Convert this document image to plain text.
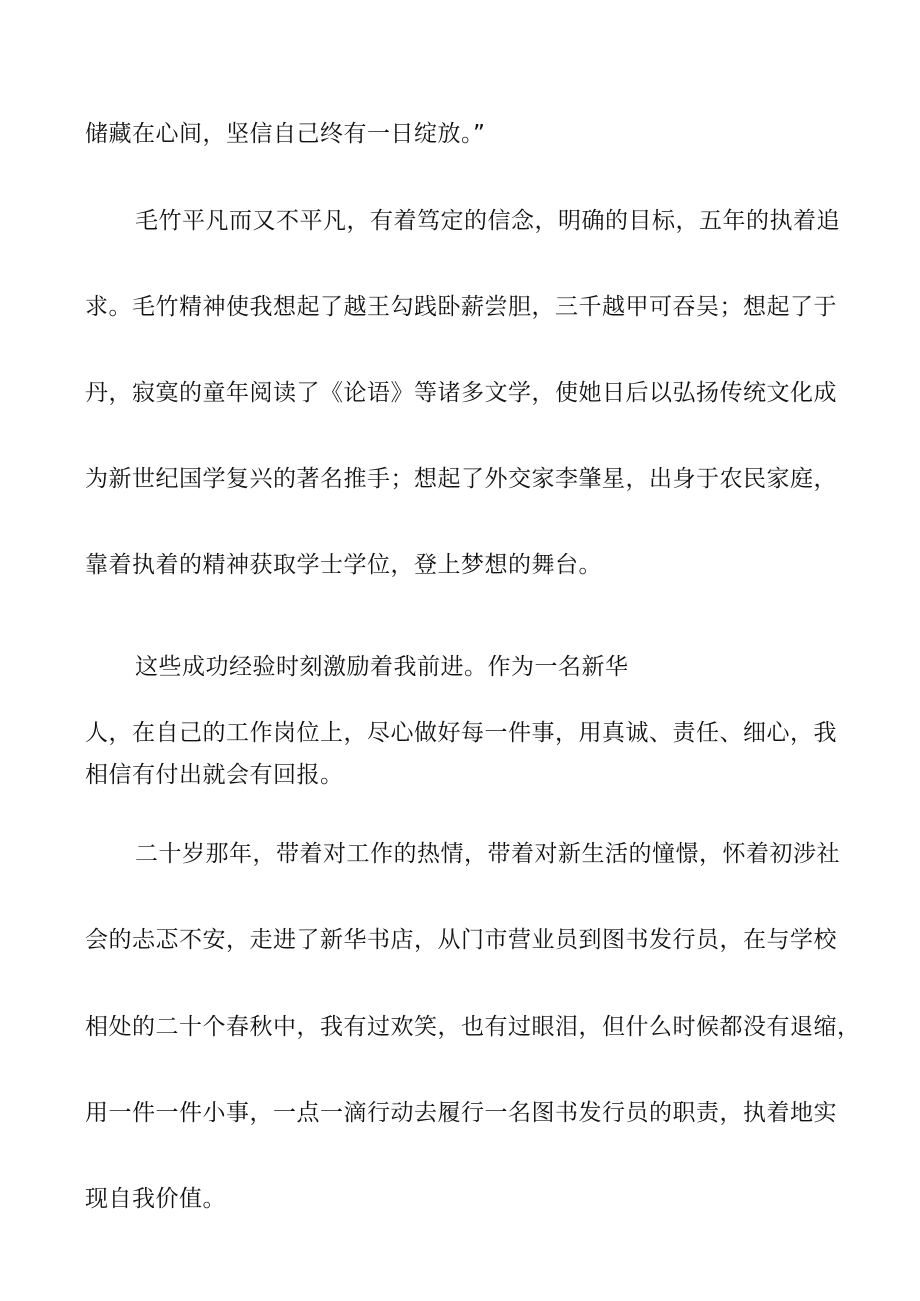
储藏在心间，坚信自己终有一日绽放。”

毛竹平凡而又不平凡，有着笃定的信念，明确的目标，五年的执着追

求。毛竹精神使我想起了越王勾践卧薪尝胆，三千越甲可吞吴；想起了于

丹，寂寞的童年阅读了《论语》等诸多文学，使她日后以弘扬传统文化成

为新世纪国学复兴的著名推手；想起了外交家李肇星，出身于农民家庭，

靠着执着的精神获取学士学位，登上梦想的舞台。

这些成功经验时刻激励着我前进。作为一名新华

人，在自己的工作岗位上，尽心做好每一件事，用真诚、责任、细心，我

相信有付出就会有回报。

二十岁那年，带着对工作的热情，带着对新生活的憧憬，怀着初涉社

会的忐忑不安，走进了新华书店，从门市营业员到图书发行员，在与学校

相处的二十个春秋中，我有过欢笑，也有过眼泪，但什么时候都没有退缩，

用一件一件小事，一点一滴行动去履行一名图书发行员的职责，执着地实

现自我价值。
